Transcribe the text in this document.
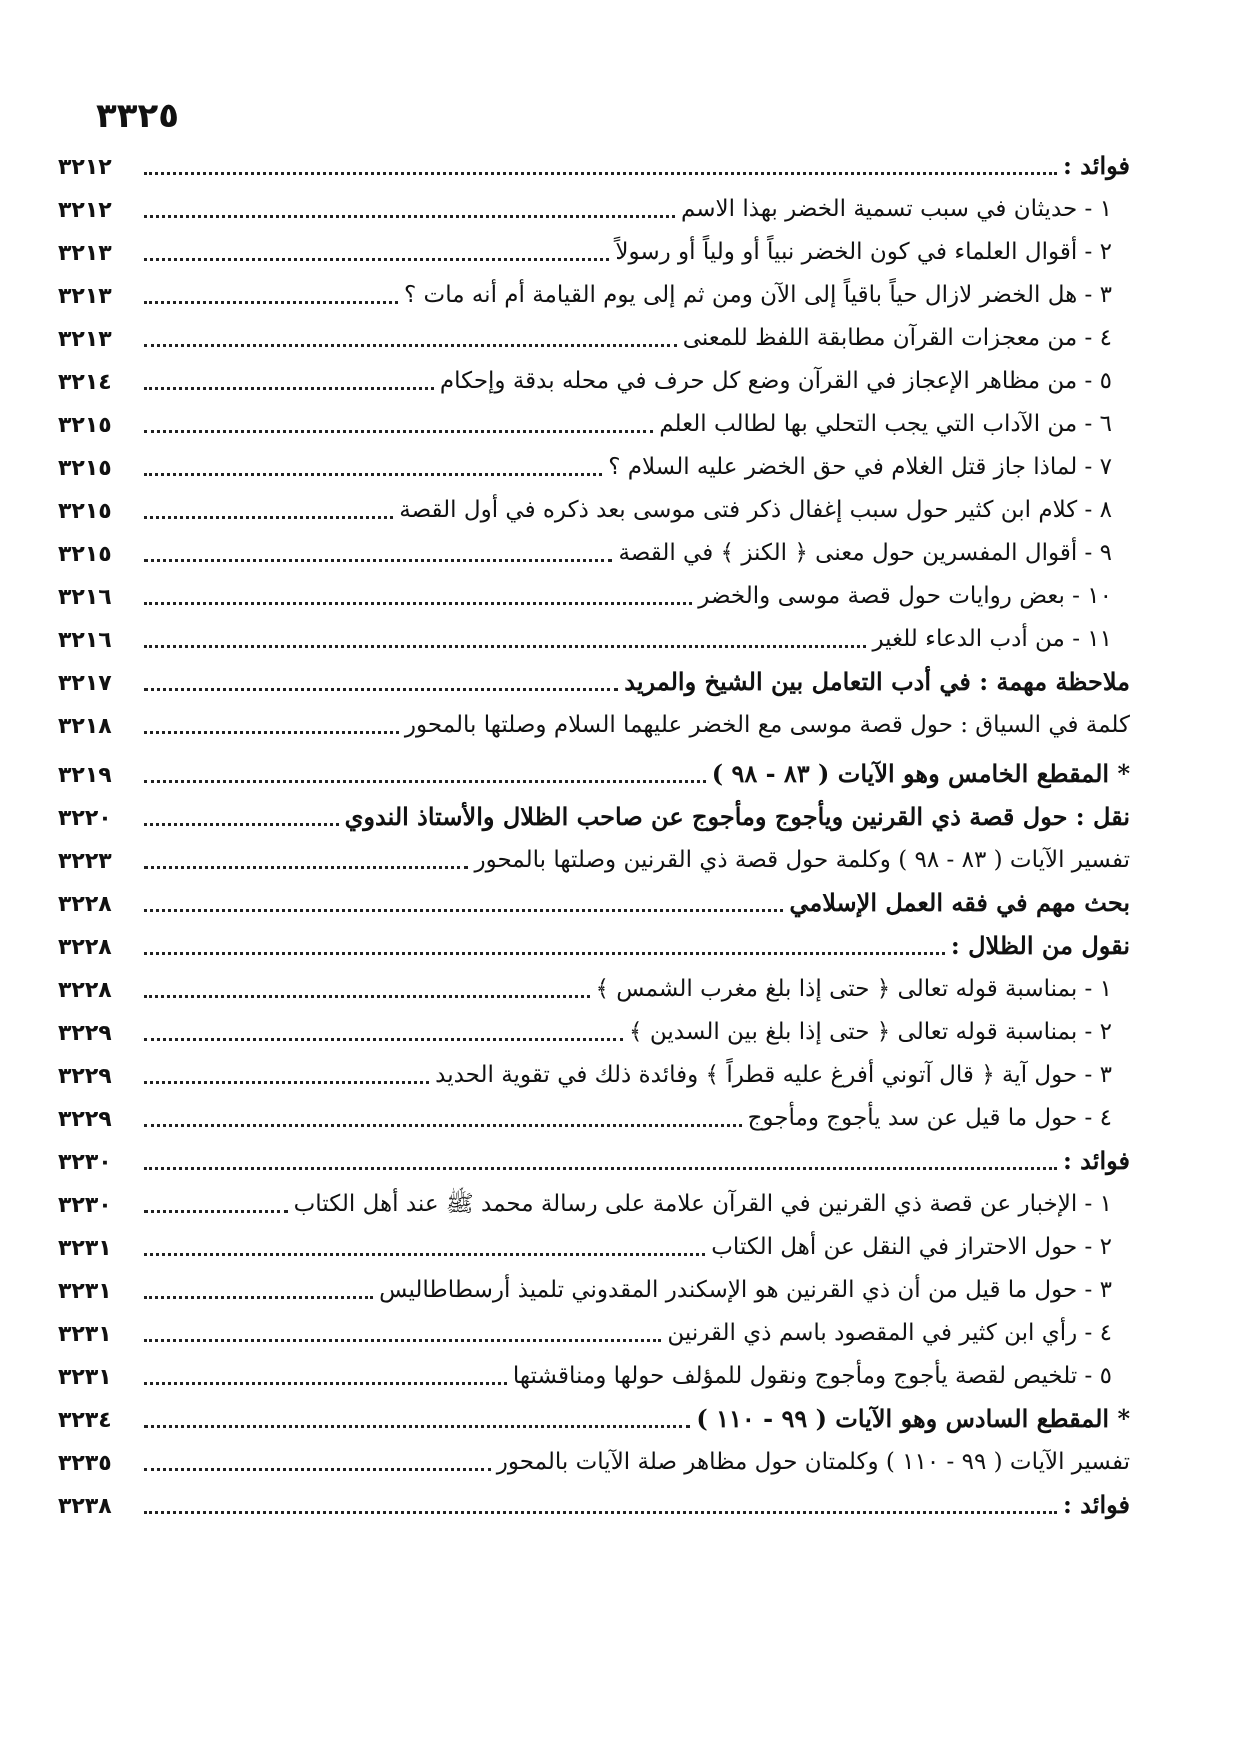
٣٣٢٥
فوائد :
٣٢١٢
١ - حديثان في سبب تسمية الخضر بهذا الاسم
٣٢١٢
٢ - أقوال العلماء في كون الخضر نبياً أو ولياً أو رسولاً
٣٢١٣
٣ - هل الخضر لازال حياً باقياً إلى الآن ومن ثم إلى يوم القيامة أم أنه مات ؟
٣٢١٣
٤ - من معجزات القرآن مطابقة اللفظ للمعنى
٣٢١٣
٥ - من مظاهر الإعجاز في القرآن وضع كل حرف في محله بدقة وإحكام
٣٢١٤
٦ - من الآداب التي يجب التحلي بها لطالب العلم
٣٢١٥
٧ - لماذا جاز قتل الغلام في حق الخضر عليه السلام ؟
٣٢١٥
٨ - كلام ابن كثير حول سبب إغفال ذكر فتى موسى بعد ذكره في أول القصة
٣٢١٥
٩ - أقوال المفسرين حول معنى ﴿ الكنز ﴾ في القصة
٣٢١٥
١٠ - بعض روايات حول قصة موسى والخضر
٣٢١٦
١١ - من أدب الدعاء للغير
٣٢١٦
ملاحظة مهمة : في أدب التعامل بين الشيخ والمريد
٣٢١٧
كلمة في السياق : حول قصة موسى مع الخضر عليهما السلام وصلتها بالمحور
٣٢١٨
* المقطع الخامس وهو الآيات ( ٨٣ - ٩٨ )
٣٢١٩
نقل : حول قصة ذي القرنين ويأجوج ومأجوج عن صاحب الظلال والأستاذ الندوي
٣٢٢٠
تفسير الآيات ( ٨٣ - ٩٨ ) وكلمة حول قصة ذي القرنين وصلتها بالمحور
٣٢٢٣
بحث مهم في فقه العمل الإسلامي
٣٢٢٨
نقول من الظلال :
٣٢٢٨
١ - بمناسبة قوله تعالى ﴿ حتى إذا بلغ مغرب الشمس ﴾
٣٢٢٨
٢ - بمناسبة قوله تعالى ﴿ حتى إذا بلغ بين السدين ﴾
٣٢٢٩
٣ - حول آية ﴿ قال آتوني أفرغ عليه قطراً ﴾ وفائدة ذلك في تقوية الحديد
٣٢٢٩
٤ - حول ما قيل عن سد يأجوج ومأجوج
٣٢٢٩
فوائد :
٣٢٣٠
١ - الإخبار عن قصة ذي القرنين في القرآن علامة على رسالة محمد ﷺ عند أهل الكتاب
٣٢٣٠
٢ - حول الاحتراز في النقل عن أهل الكتاب
٣٢٣١
٣ - حول ما قيل من أن ذي القرنين هو الإسكندر المقدوني تلميذ أرسطاطاليس
٣٢٣١
٤ - رأي ابن كثير في المقصود باسم ذي القرنين
٣٢٣١
٥ - تلخيص لقصة يأجوج ومأجوج ونقول للمؤلف حولها ومناقشتها
٣٢٣١
* المقطع السادس وهو الآيات ( ٩٩ - ١١٠ )
٣٢٣٤
تفسير الآيات ( ٩٩ - ١١٠ ) وكلمتان حول مظاهر صلة الآيات بالمحور
٣٢٣٥
فوائد :
٣٢٣٨
